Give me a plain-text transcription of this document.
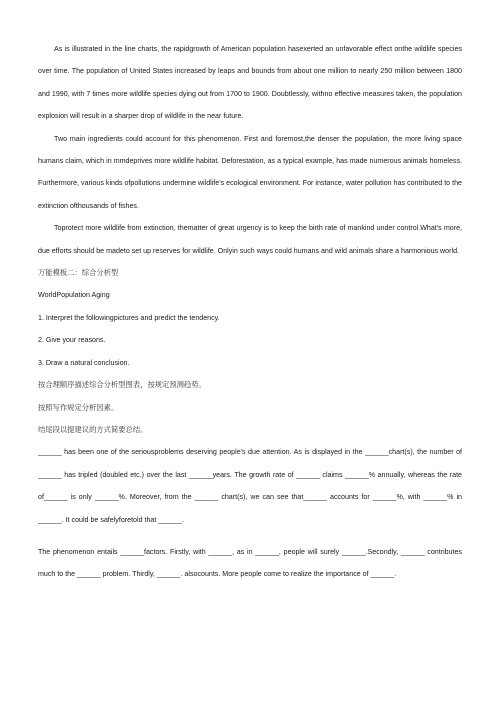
As is illustrated in the line charts, the rapidgrowth of American population hasexerted an unfavorable effect onthe wildlife species over time. The population of United States increased by leaps and bounds from about one million to nearly 250 million between 1800 and 1990, with 7 times more wildlife species dying out from 1700 to 1900. Doubtlessly, withno effective measures taken, the population explosion will result in a sharper drop of wildlife in the near future.

Two main ingredients could account for this phenomenon. First and foremost,the denser the population, the more living space humans claim, which in mmdeprives more wildlife habitat. Deforestation, as a typical example, has made numerous animals homeless. Furthermore, various kinds ofpollutions undermine wildlife's ecological environment. For instance, water pollution has contributed to the extinction ofthousands of fishes.

Toprotect more wildlife from extinction, thematter of great urgency is to keep the birth rate of mankind under control.What's more, due efforts should be madeto set up reserves for wildlife. Onlyin such ways could humans and wild animals share a harmonious world.

万能模板二：综合分析型

WorldPopulation Aging

1. Interpret the followingpictures and predict the tendency.

2. Give your reasons.

3. Draw a natural conclusion.

按合理顺序描述综合分析型图表，按规定预测趋势。

按照写作规定分析因素。

结尾段以提建议的方式简要总结。

______ has been one of the seriousproblems deserving people's due attention. As is displayed in the ______chart(s), the number of ______ has tripled (doubled etc.) over the last ______years. The growth rate of ______ claims ______% annually, whereas the rate of______ is only ______%. Moreover, from the ______ chart(s), we can see that______ accounts for ______%, with ______% in ______. It could be safelyforetold that ______.

The phenomenon entails ______factors. Firstly, with ______, as in ______, people will surely ______.Secondly, ______ contributes much to the ______ problem. Thirdly, ______. alsocounts. More people come to realize the importance of ______.
